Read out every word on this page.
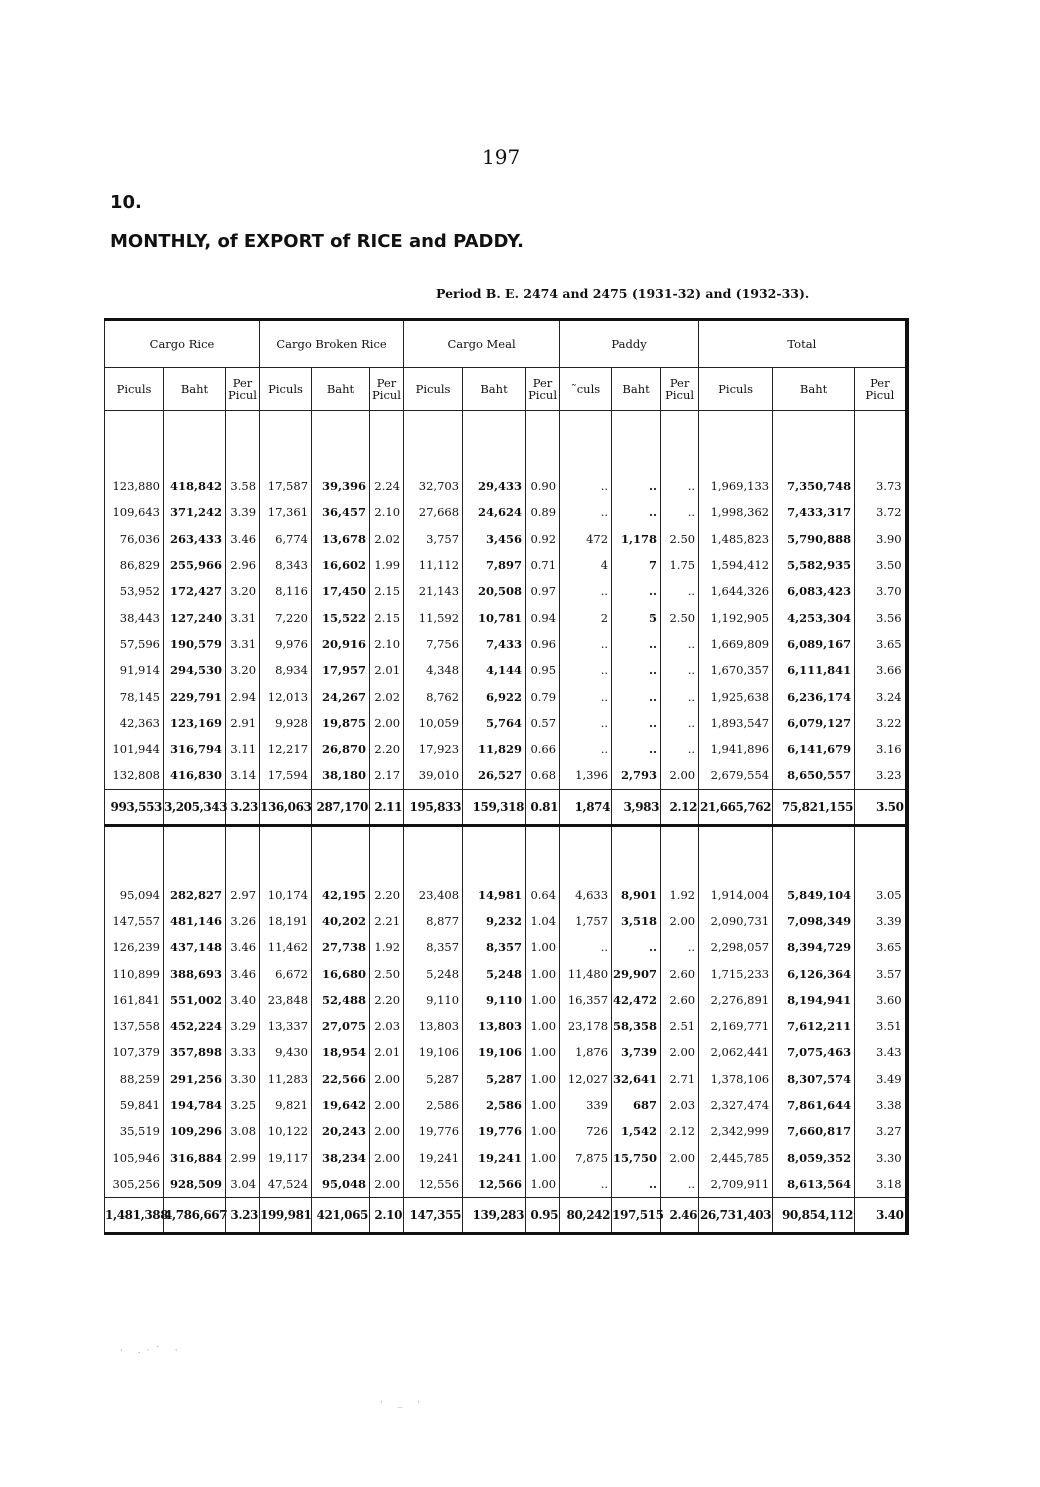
197
10.
MONTHLY, of EXPORT of RICE and PADDY.
Period B. E. 2474 and 2475 (1931-32) and (1932-33).
Cargo Rice			Cargo Broken Rice			Cargo Meal			Paddy			Total		
Piculs	Baht	Per Picul	Piculs	Baht	Per Picul	Piculs	Baht	Per Picul	˜culs	Baht	Per Picul	Piculs	Baht	Per Picul

123,880	418,842	3.58	17,587	39,396	2.24	32,703	29,433	0.90	..	..	..	1,969,133	7,350,748	3.73
109,643	371,242	3.39	17,361	36,457	2.10	27,668	24,624	0.89	..	..	..	1,998,362	7,433,317	3.72
76,036	263,433	3.46	6,774	13,678	2.02	3,757	3,456	0.92	472	1,178	2.50	1,485,823	5,790,888	3.90
86,829	255,966	2.96	8,343	16,602	1.99	11,112	7,897	0.71	4	7	1.75	1,594,412	5,582,935	3.50
53,952	172,427	3.20	8,116	17,450	2.15	21,143	20,508	0.97	..	..	..	1,644,326	6,083,423	3.70
38,443	127,240	3.31	7,220	15,522	2.15	11,592	10,781	0.94	2	5	2.50	1,192,905	4,253,304	3.56
57,596	190,579	3.31	9,976	20,916	2.10	7,756	7,433	0.96	..	..	..	1,669,809	6,089,167	3.65
91,914	294,530	3.20	8,934	17,957	2.01	4,348	4,144	0.95	..	..	..	1,670,357	6,111,841	3.66
78,145	229,791	2.94	12,013	24,267	2.02	8,762	6,922	0.79	..	..	..	1,925,638	6,236,174	3.24
42,363	123,169	2.91	9,928	19,875	2.00	10,059	5,764	0.57	..	..	..	1,893,547	6,079,127	3.22
101,944	316,794	3.11	12,217	26,870	2.20	17,923	11,829	0.66	..	..	..	1,941,896	6,141,679	3.16
132,808	416,830	3.14	17,594	38,180	2.17	39,010	26,527	0.68	1,396	2,793	2.00	2,679,554	8,650,557	3.23
993,553	3,205,343	3.23	136,063	287,170	2.11	195,833	159,318	0.81	1,874	3,983	2.12	21,665,762	75,821,155	3.50

95,094	282,827	2.97	10,174	42,195	2.20	23,408	14,981	0.64	4,633	8,901	1.92	1,914,004	5,849,104	3.05
147,557	481,146	3.26	18,191	40,202	2.21	8,877	9,232	1.04	1,757	3,518	2.00	2,090,731	7,098,349	3.39
126,239	437,148	3.46	11,462	27,738	1.92	8,357	8,357	1.00	..	..	..	2,298,057	8,394,729	3.65
110,899	388,693	3.46	6,672	16,680	2.50	5,248	5,248	1.00	11,480	29,907	2.60	1,715,233	6,126,364	3.57
161,841	551,002	3.40	23,848	52,488	2.20	9,110	9,110	1.00	16,357	42,472	2.60	2,276,891	8,194,941	3.60
137,558	452,224	3.29	13,337	27,075	2.03	13,803	13,803	1.00	23,178	58,358	2.51	2,169,771	7,612,211	3.51
107,379	357,898	3.33	9,430	18,954	2.01	19,106	19,106	1.00	1,876	3,739	2.00	2,062,441	7,075,463	3.43
88,259	291,256	3.30	11,283	22,566	2.00	5,287	5,287	1.00	12,027	32,641	2.71	1,378,106	8,307,574	3.49
59,841	194,784	3.25	9,821	19,642	2.00	2,586	2,586	1.00	339	687	2.03	2,327,474	7,861,644	3.38
35,519	109,296	3.08	10,122	20,243	2.00	19,776	19,776	1.00	726	1,542	2.12	2,342,999	7,660,817	3.27
105,946	316,884	2.99	19,117	38,234	2.00	19,241	19,241	1.00	7,875	15,750	2.00	2,445,785	8,059,352	3.30
305,256	928,509	3.04	47,524	95,048	2.00	12,556	12,566	1.00	..	..	..	2,709,911	8,613,564	3.18
1,481,388	4,786,667	3.23	199,981	421,065	2.10	147,355	139,283	0.95	80,242	197,515	2.46	26,731,403	90,854,112	3.40
· .·˙ ·
· _ ·
